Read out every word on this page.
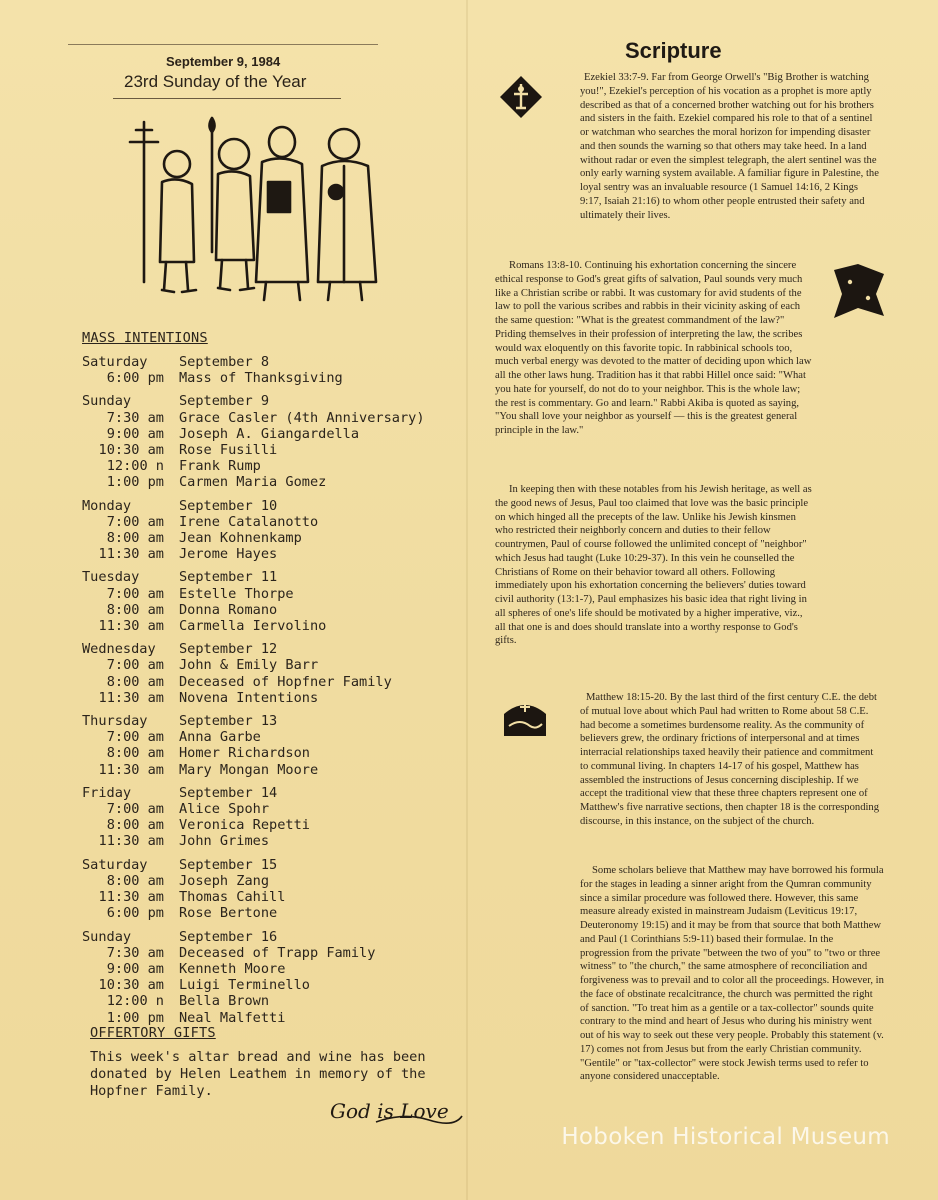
September 9, 1984
23rd Sunday of the Year
MASS INTENTIONS
Saturday	September 8
6:00 pm	Mass of Thanksgiving
Sunday	September 9
7:30 am	Grace Casler (4th Anniversary)
9:00 am	Joseph A. Giangardella
10:30 am	Rose Fusilli
12:00 n	Frank Rump
1:00 pm	Carmen Maria Gomez
Monday	September 10
7:00 am	Irene Catalanotto
8:00 am	Jean Kohnenkamp
11:30 am	Jerome Hayes
Tuesday	September 11
7:00 am	Estelle Thorpe
8:00 am	Donna Romano
11:30 am	Carmella Iervolino
Wednesday	September 12
7:00 am	John & Emily Barr
8:00 am	Deceased of Hopfner Family
11:30 am	Novena Intentions
Thursday	September 13
7:00 am	Anna Garbe
8:00 am	Homer Richardson
11:30 am	Mary Mongan Moore
Friday	September 14
7:00 am	Alice Spohr
8:00 am	Veronica Repetti
11:30 am	John Grimes
Saturday	September 15
8:00 am	Joseph Zang
11:30 am	Thomas Cahill
6:00 pm	Rose Bertone
Sunday	September 16
7:30 am	Deceased of Trapp Family
9:00 am	Kenneth Moore
10:30 am	Luigi Terminello
12:00 n	Bella Brown
1:00 pm	Neal Malfetti
OFFERTORY GIFTS
This week's altar bread and wine has been donated by Helen Leathem in memory of the Hopfner Family.
God is Love
Scripture

Ezekiel 33:7-9. Far from George Orwell's "Big Brother is watching you!", Ezekiel's perception of his vocation as a prophet is more aptly described as that of a concerned brother watching out for his brothers and sisters in the faith. Ezekiel compared his role to that of a sentinel or watchman who searches the moral horizon for impending disaster and then sounds the warning so that others may take heed. In a land without radar or even the simplest telegraph, the alert sentinel was the only early warning system available. A familiar figure in Palestine, the loyal sentry was an invaluable resource (1 Samuel 14:16, 2 Kings 9:17, Isaiah 21:16) to whom other people entrusted their safety and ultimately their lives.

Romans 13:8-10. Continuing his exhortation concerning the sincere ethical response to God's great gifts of salvation, Paul sounds very much like a Christian scribe or rabbi. It was customary for avid students of the law to poll the various scribes and rabbis in their vicinity asking of each the same question: "What is the greatest commandment of the law?" Priding themselves in their profession of interpreting the law, the scribes would wax eloquently on this favorite topic. In rabbinical schools too, much verbal energy was devoted to the matter of deciding upon which law all the other laws hung. Tradition has it that rabbi Hillel once said: "What you hate for yourself, do not do to your neighbor. This is the whole law; the rest is commentary. Go and learn." Rabbi Akiba is quoted as saying, "You shall love your neighbor as yourself — this is the greatest general principle in the law."

In keeping then with these notables from his Jewish heritage, as well as the good news of Jesus, Paul too claimed that love was the basic principle on which hinged all the precepts of the law. Unlike his Jewish kinsmen who restricted their neighborly concern and duties to their fellow countrymen, Paul of course followed the unlimited concept of "neighbor" which Jesus had taught (Luke 10:29-37). In this vein he counselled the Christians of Rome on their behavior toward all others. Following immediately upon his exhortation concerning the believers' duties toward civil authority (13:1-7), Paul emphasizes his basic idea that right living in all spheres of one's life should be motivated by a higher imperative, viz., all that one is and does should translate into a worthy response to God's gifts.

Matthew 18:15-20. By the last third of the first century C.E. the debt of mutual love about which Paul had written to Rome about 58 C.E. had become a sometimes burdensome reality. As the community of believers grew, the ordinary frictions of interpersonal and at times interracial relationships taxed heavily their patience and commitment to communal living. In chapters 14-17 of his gospel, Matthew has assembled the instructions of Jesus concerning discipleship. If we accept the traditional view that these three chapters represent one of Matthew's five narrative sections, then chapter 18 is the corresponding discourse, in this instance, on the subject of the church.

Some scholars believe that Matthew may have borrowed his formula for the stages in leading a sinner aright from the Qumran community since a similar procedure was followed there. However, this same measure already existed in mainstream Judaism (Leviticus 19:17, Deuteronomy 19:15) and it may be from that source that both Matthew and Paul (1 Corinthians 5:9-11) based their formulae. In the progression from the private "between the two of you" to "two or three witness" to "the church," the same atmosphere of reconciliation and forgiveness was to prevail and to color all the proceedings. However, in the face of obstinate recalcitrance, the church was permitted the right of sanction. "To treat him as a gentile or a tax-collector" sounds quite contrary to the mind and heart of Jesus who during his ministry went out of his way to seek out these very people. Probably this statement (v. 17) comes not from Jesus but from the early Christian community. "Gentile" or "tax-collector" were stock Jewish terms used to refer to anyone considered unacceptable.

Hoboken Historical Museum
